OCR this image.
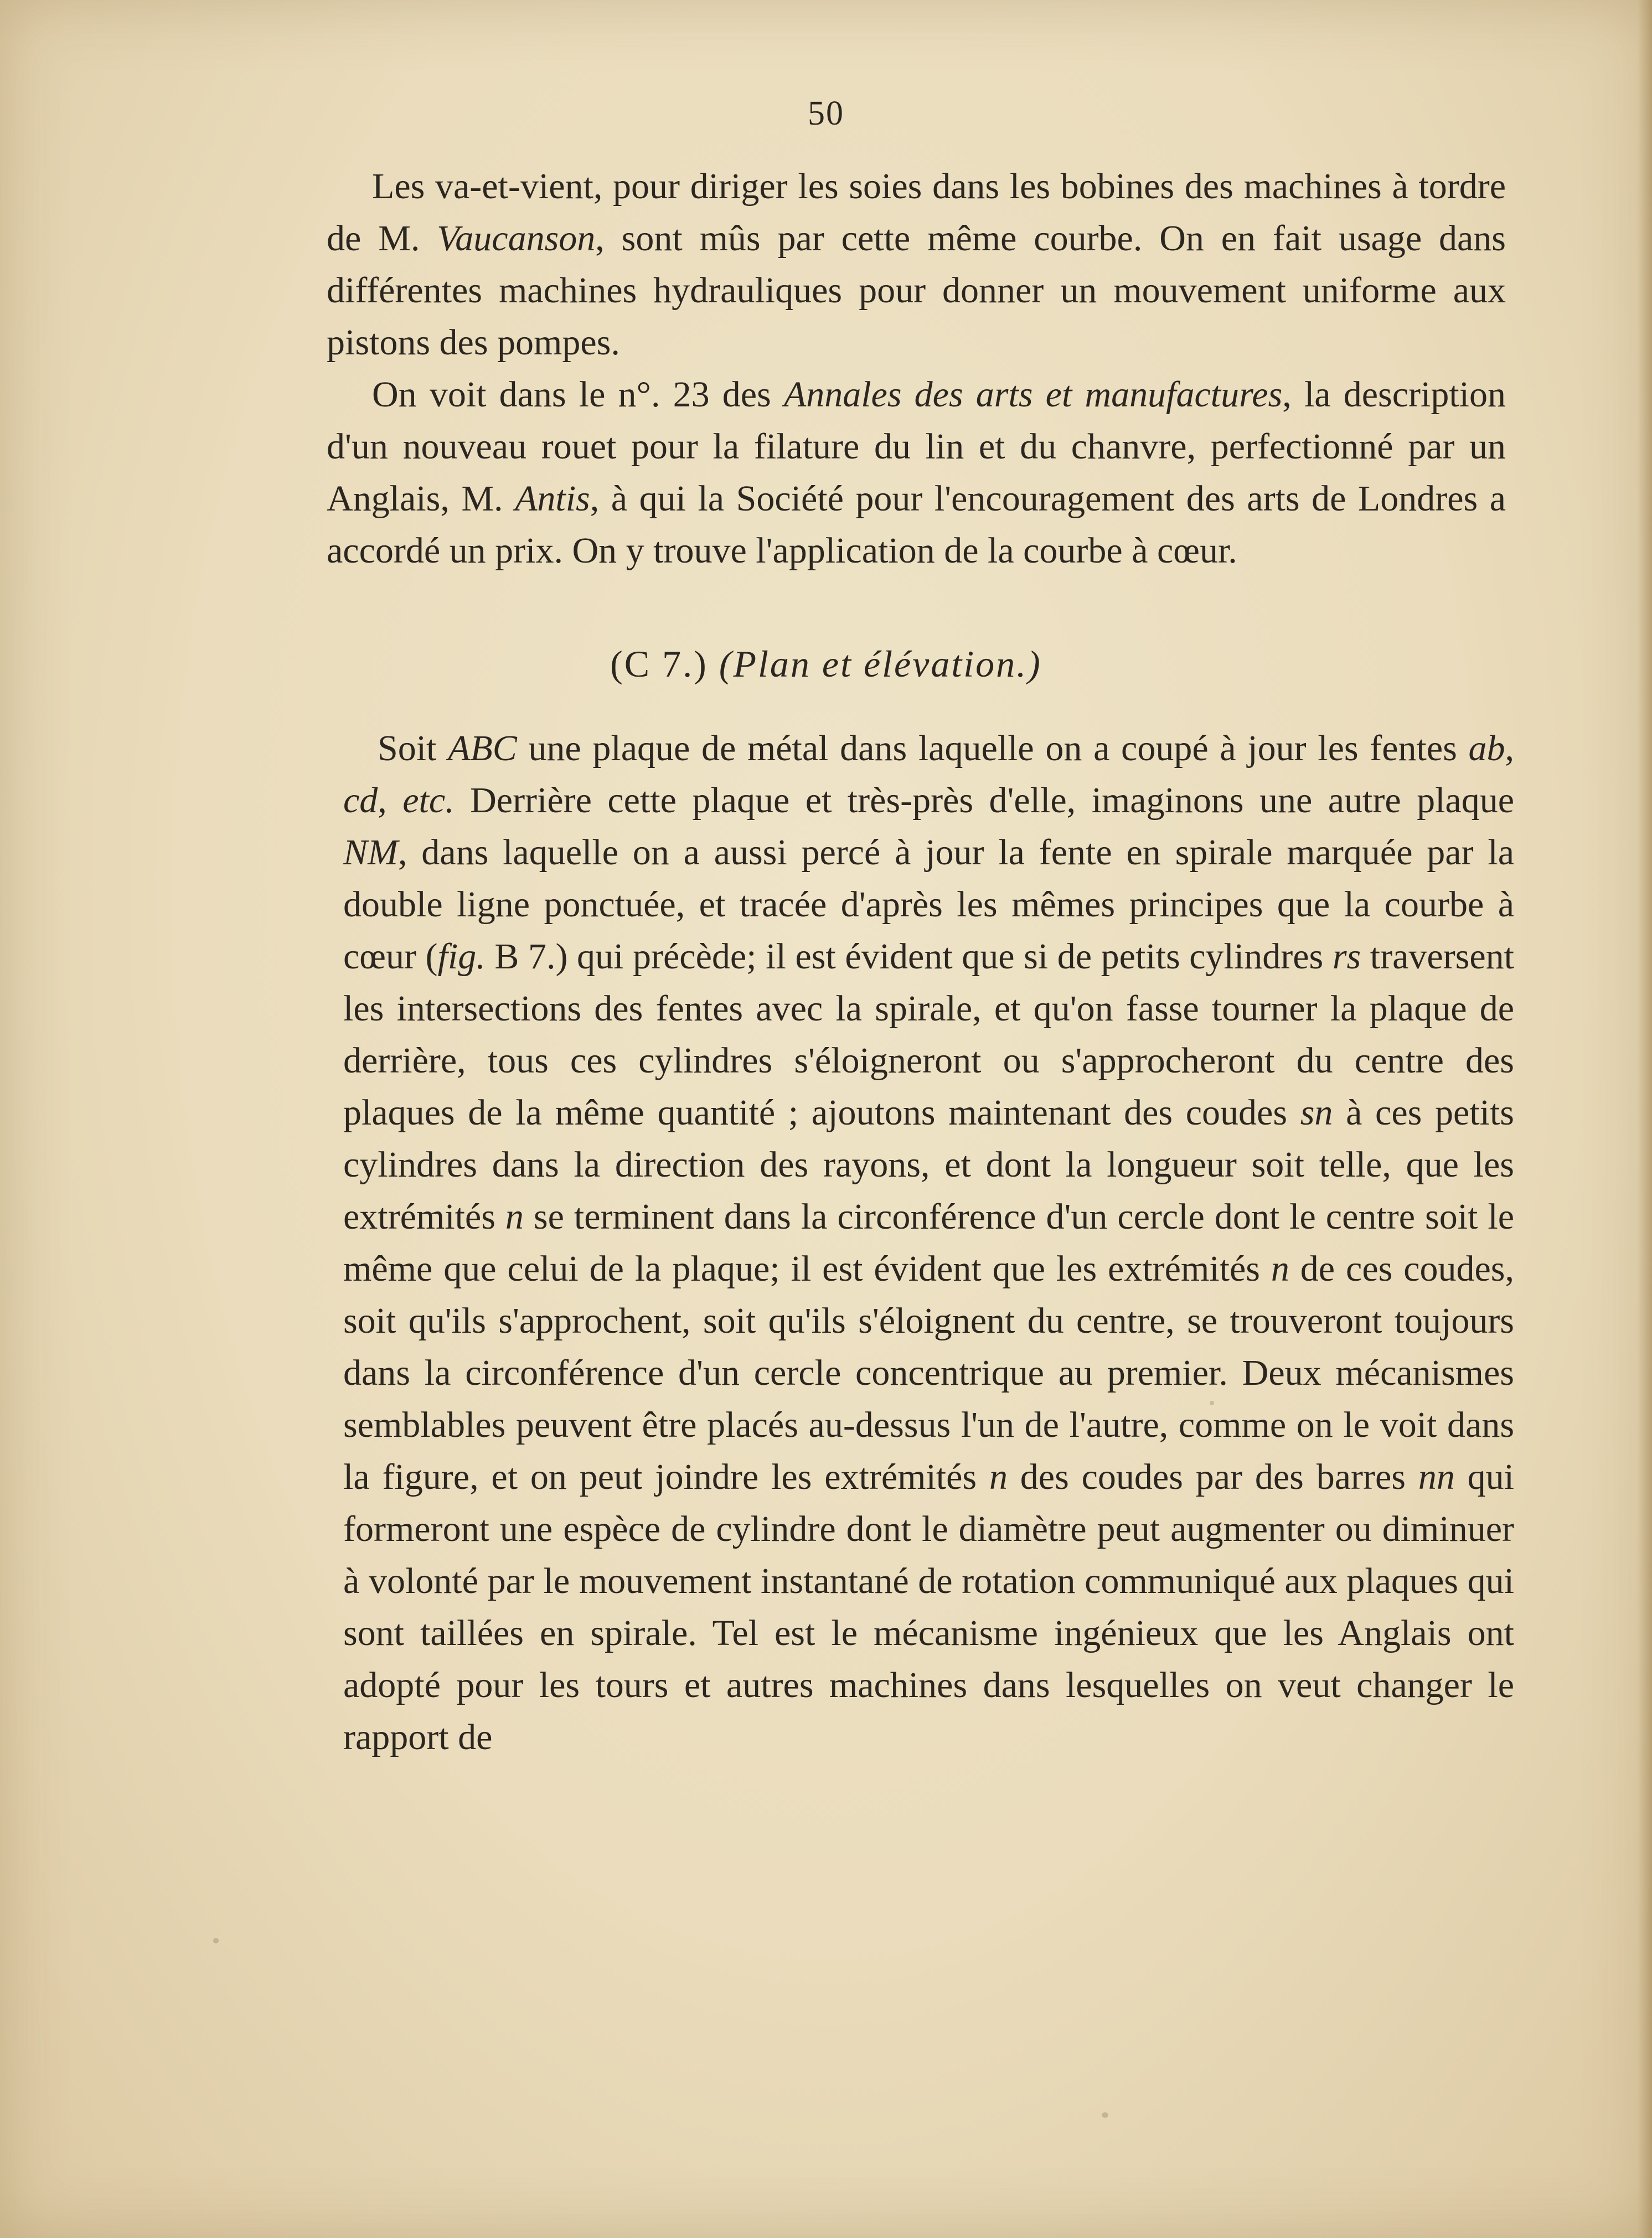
50

Les va-et-vient, pour diriger les soies dans les bobines des machines à tordre de M. Vaucanson, sont mûs par cette même courbe. On en fait usage dans différentes machines hydrauliques pour donner un mouvement uniforme aux pistons des pompes.

On voit dans le n°. 23 des Annales des arts et manufactures, la description d'un nouveau rouet pour la filature du lin et du chanvre, perfectionné par un Anglais, M. Antis, à qui la Société pour l'encouragement des arts de Londres a accordé un prix. On y trouve l'application de la courbe à cœur.

(C 7.) (Plan et élévation.)

Soit ABC une plaque de métal dans laquelle on a coupé à jour les fentes ab, cd, etc. Derrière cette plaque et très-près d'elle, imaginons une autre plaque NM, dans laquelle on a aussi percé à jour la fente en spirale marquée par la double ligne ponctuée, et tracée d'après les mêmes principes que la courbe à cœur (fig. B 7.) qui précède; il est évident que si de petits cylindres rs traversent les intersections des fentes avec la spirale, et qu'on fasse tourner la plaque de derrière, tous ces cylindres s'éloigneront ou s'approcheront du centre des plaques de la même quantité ; ajoutons maintenant des coudes sn à ces petits cylindres dans la direction des rayons, et dont la longueur soit telle, que les extrémités n se terminent dans la circonférence d'un cercle dont le centre soit le même que celui de la plaque; il est évident que les extrémités n de ces coudes, soit qu'ils s'approchent, soit qu'ils s'éloignent du centre, se trouveront toujours dans la circonférence d'un cercle concentrique au premier. Deux mécanismes semblables peuvent être placés au-dessus l'un de l'autre, comme on le voit dans la figure, et on peut joindre les extrémités n des coudes par des barres nn qui formeront une espèce de cylindre dont le diamètre peut augmenter ou diminuer à volonté par le mouvement instantané de rotation communiqué aux plaques qui sont taillées en spirale. Tel est le mécanisme ingénieux que les Anglais ont adopté pour les tours et autres machines dans lesquelles on veut changer le rapport de
